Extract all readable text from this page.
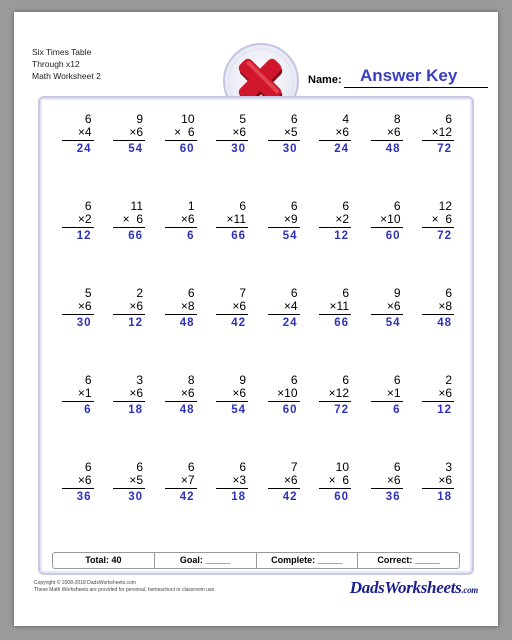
Six Times Table
Through x12
Math Worksheet 2	Name: Answer Key
6
×4
24
9
×6
54
10
×  6
60
5
×6
30
6
×5
30
4
×6
24
8
×6
48
6
×12
72
6
×2
12
11
×  6
66
1
×6
6
6
×11
66
6
×9
54
6
×2
12
6
×10
60
12
×  6
72
5
×6
30
2
×6
12
6
×8
48
7
×6
42
6
×4
24
6
×11
66
9
×6
54
6
×8
48
6
×1
6
3
×6
18
8
×6
48
9
×6
54
6
×10
60
6
×12
72
6
×1
6
2
×6
12
6
×6
36
6
×5
30
6
×7
42
6
×3
18
7
×6
42
10
×  6
60
6
×6
36
3
×6
18
Total: 40	Goal: _____	Complete: _____	Correct: _____
Copyright © 2008-2018 DadsWorksheets.com
These Math Worksheets are provided for personal, homeschool or classroom use.	DadsWorksheets.com
